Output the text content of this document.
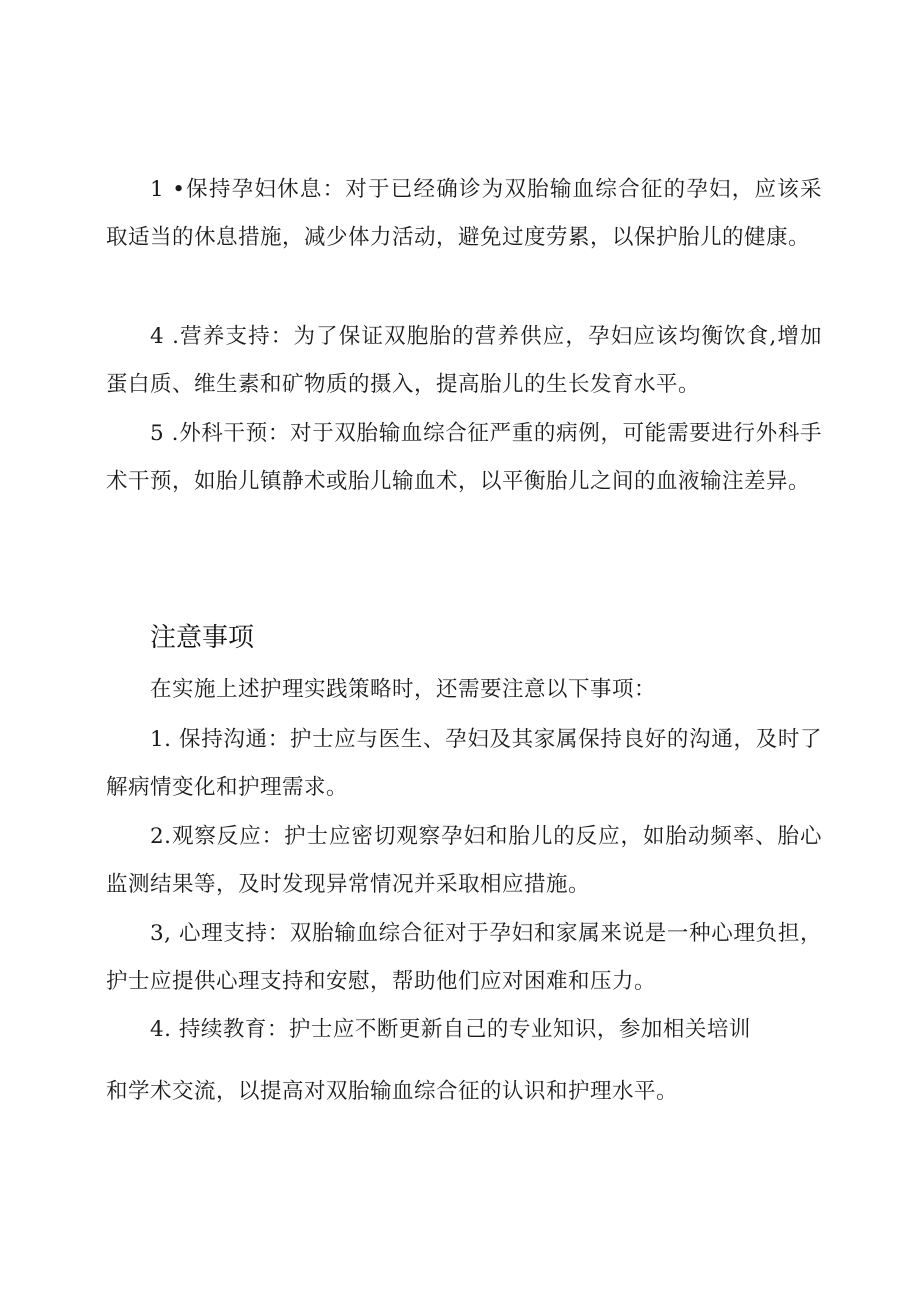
1 •保持孕妇休息：对于已经确诊为双胎输血综合征的孕妇，应该采取适当的休息措施，减少体力活动，避免过度劳累，以保护胎儿的健康。

4 .营养支持：为了保证双胞胎的营养供应，孕妇应该均衡饮食,增加蛋白质、维生素和矿物质的摄入，提高胎儿的生长发育水平。

5 .外科干预：对于双胎输血综合征严重的病例，可能需要进行外科手术干预，如胎儿镇静术或胎儿输血术，以平衡胎儿之间的血液输注差异。

注意事项

在实施上述护理实践策略时，还需要注意以下事项：

1. 保持沟通：护士应与医生、孕妇及其家属保持良好的沟通，及时了解病情变化和护理需求。

2.观察反应：护士应密切观察孕妇和胎儿的反应，如胎动频率、胎心监测结果等，及时发现异常情况并采取相应措施。

3, 心理支持：双胎输血综合征对于孕妇和家属来说是一种心理负担，护士应提供心理支持和安慰，帮助他们应对困难和压力。

4. 持续教育：护士应不断更新自己的专业知识，参加相关培训

和学术交流，以提高对双胎输血综合征的认识和护理水平。
